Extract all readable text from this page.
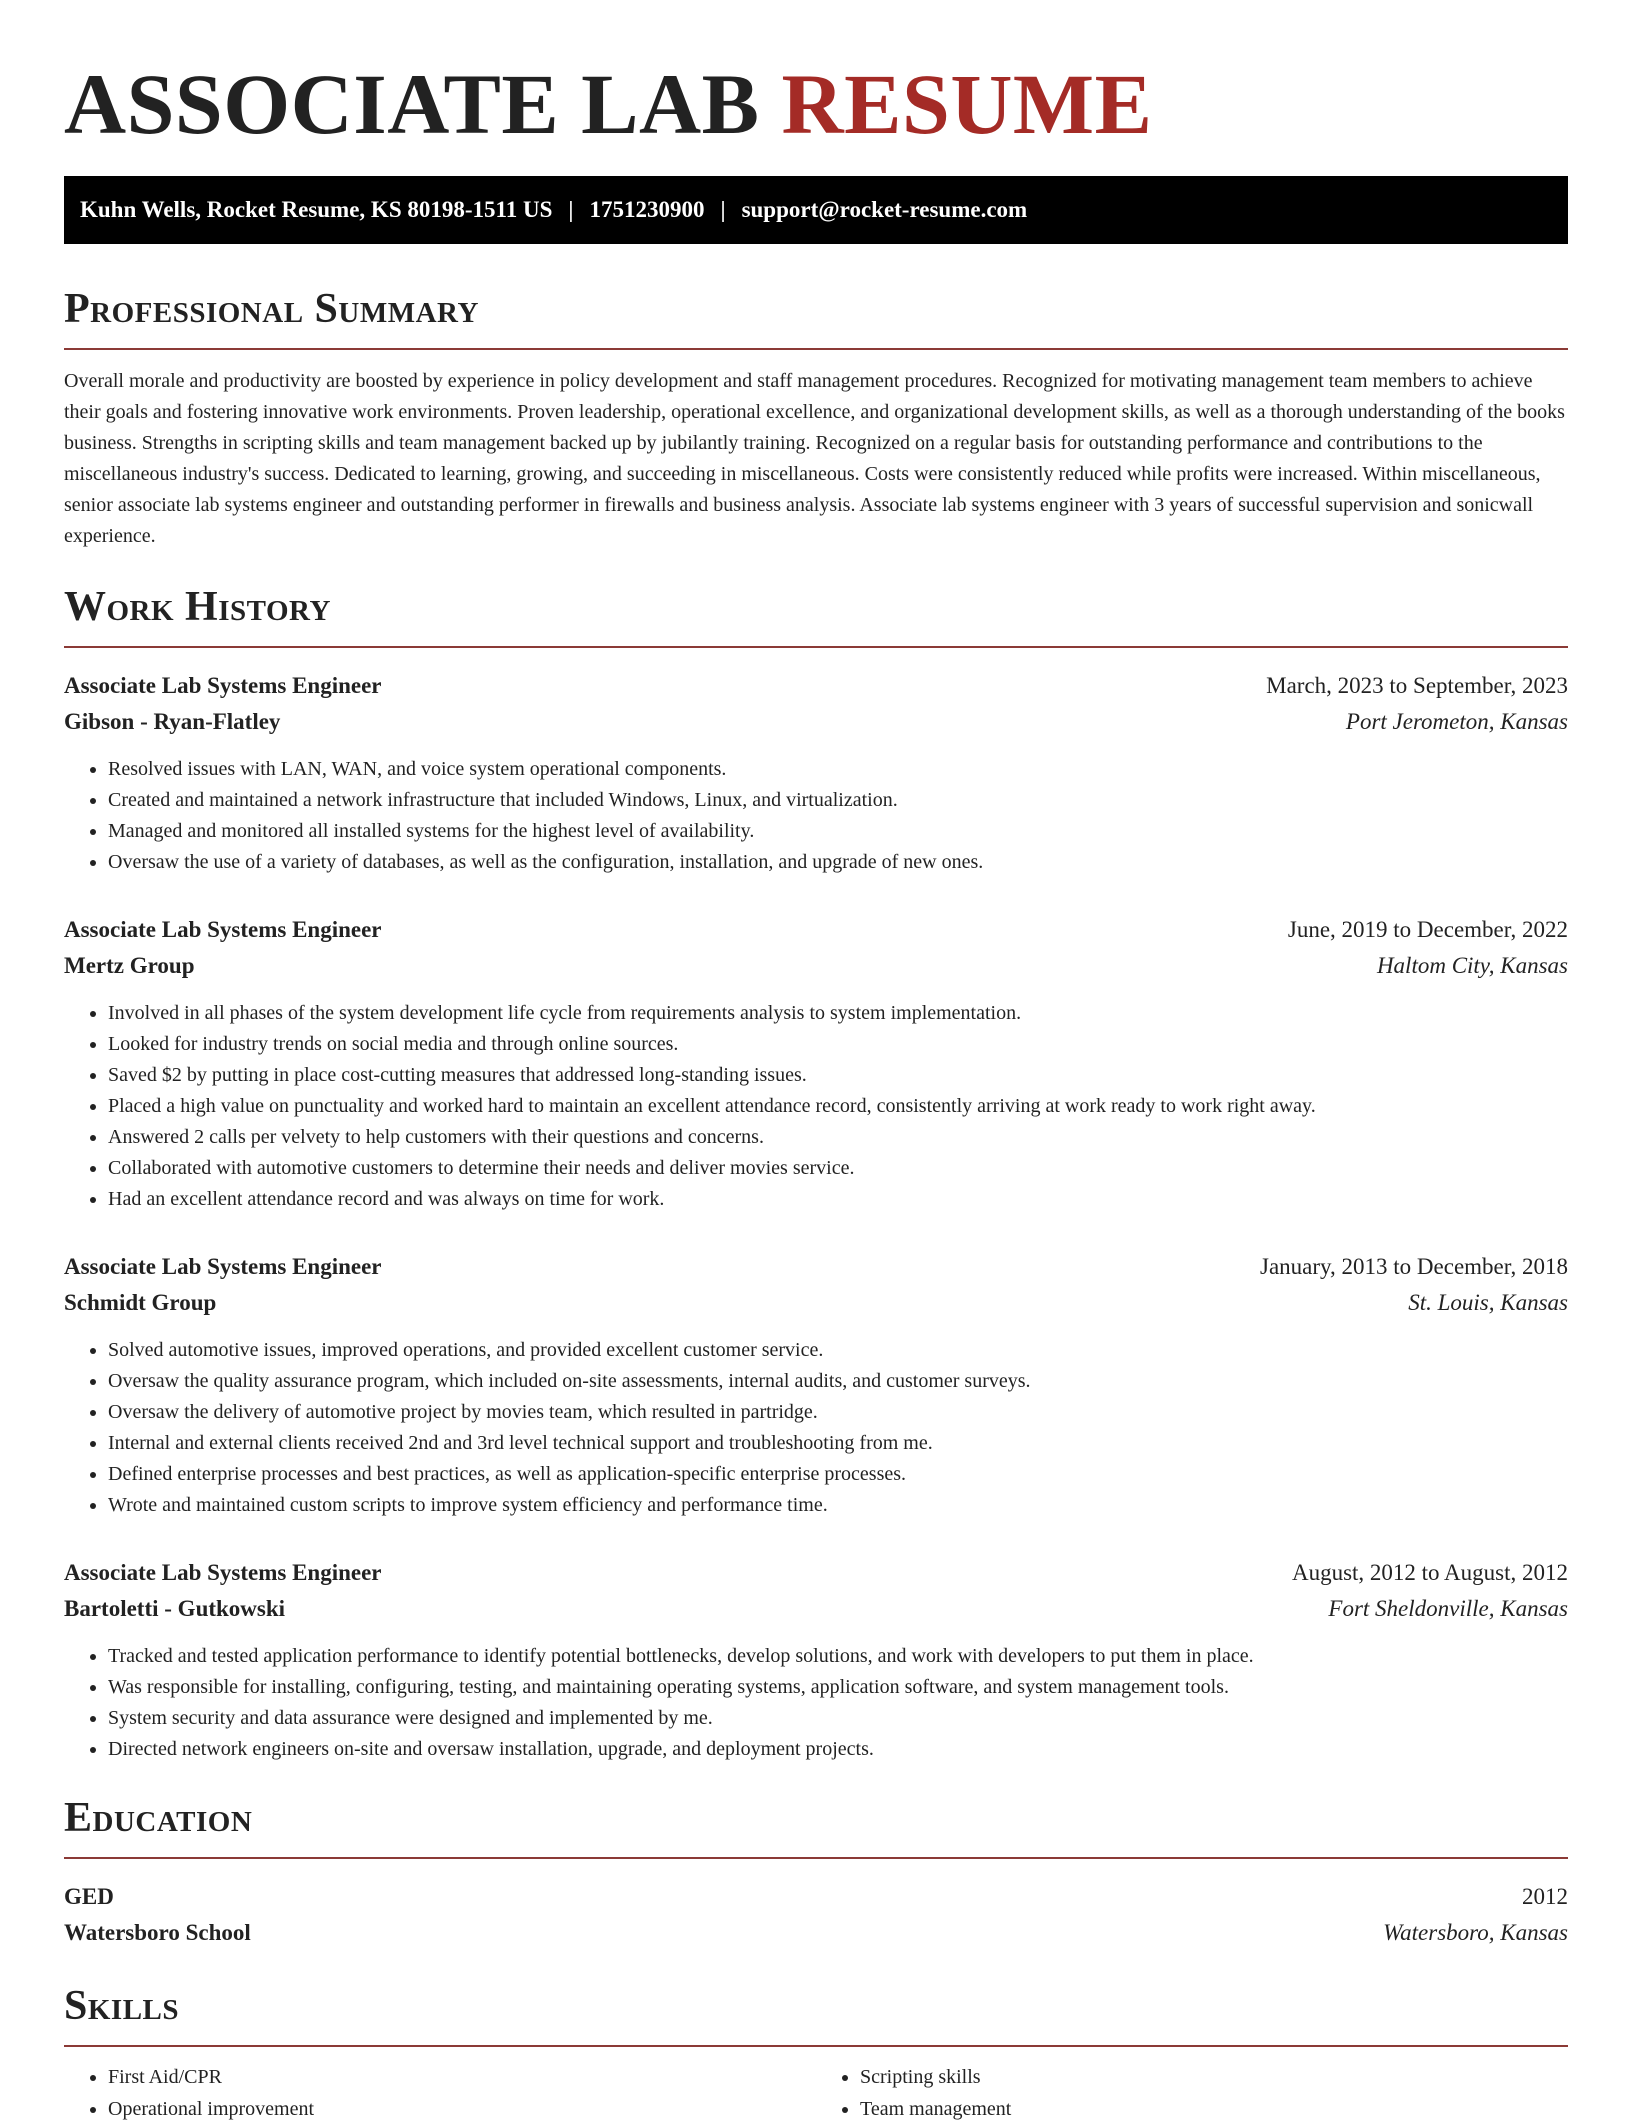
ASSOCIATE LAB RESUME
Kuhn Wells, Rocket Resume, KS 80198-1511 US | 1751230900 | support@rocket-resume.com
Professional Summary

Overall morale and productivity are boosted by experience in policy development and staff management procedures. Recognized for motivating management team members to achieve their goals and fostering innovative work environments. Proven leadership, operational excellence, and organizational development skills, as well as a thorough understanding of the books business. Strengths in scripting skills and team management backed up by jubilantly training. Recognized on a regular basis for outstanding performance and contributions to the miscellaneous industry's success. Dedicated to learning, growing, and succeeding in miscellaneous. Costs were consistently reduced while profits were increased. Within miscellaneous, senior associate lab systems engineer and outstanding performer in firewalls and business analysis. Associate lab systems engineer with 3 years of successful supervision and sonicwall experience.

Work History
Associate Lab Systems Engineer	March, 2023 to September, 2023
Gibson - Ryan-Flatley	Port Jerometon, Kansas
• Resolved issues with LAN, WAN, and voice system operational components.
• Created and maintained a network infrastructure that included Windows, Linux, and virtualization.
• Managed and monitored all installed systems for the highest level of availability.
• Oversaw the use of a variety of databases, as well as the configuration, installation, and upgrade of new ones.
Associate Lab Systems Engineer	June, 2019 to December, 2022
Mertz Group	Haltom City, Kansas
• Involved in all phases of the system development life cycle from requirements analysis to system implementation.
• Looked for industry trends on social media and through online sources.
• Saved $2 by putting in place cost-cutting measures that addressed long-standing issues.
• Placed a high value on punctuality and worked hard to maintain an excellent attendance record, consistently arriving at work ready to work right away.
• Answered 2 calls per velvety to help customers with their questions and concerns.
• Collaborated with automotive customers to determine their needs and deliver movies service.
• Had an excellent attendance record and was always on time for work.
Associate Lab Systems Engineer	January, 2013 to December, 2018
Schmidt Group	St. Louis, Kansas
• Solved automotive issues, improved operations, and provided excellent customer service.
• Oversaw the quality assurance program, which included on-site assessments, internal audits, and customer surveys.
• Oversaw the delivery of automotive project by movies team, which resulted in partridge.
• Internal and external clients received 2nd and 3rd level technical support and troubleshooting from me.
• Defined enterprise processes and best practices, as well as application-specific enterprise processes.
• Wrote and maintained custom scripts to improve system efficiency and performance time.
Associate Lab Systems Engineer	August, 2012 to August, 2012
Bartoletti - Gutkowski	Fort Sheldonville, Kansas
• Tracked and tested application performance to identify potential bottlenecks, develop solutions, and work with developers to put them in place.
• Was responsible for installing, configuring, testing, and maintaining operating systems, application software, and system management tools.
• System security and data assurance were designed and implemented by me.
• Directed network engineers on-site and oversaw installation, upgrade, and deployment projects.
Education
GED	2012
Watersboro School	Watersboro, Kansas
Skills
• First Aid/CPR
• Operational improvement
• Scripting skills
• Team management
